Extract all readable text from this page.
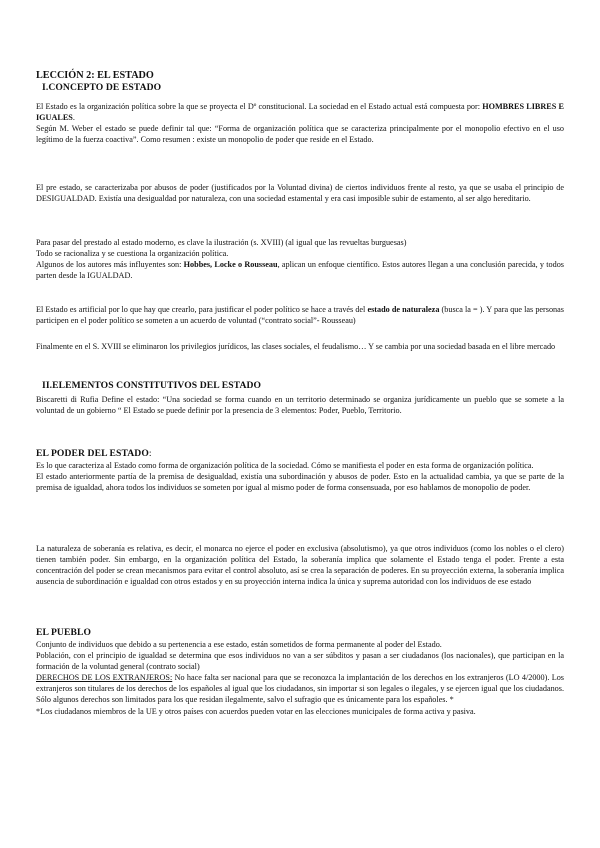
LECCIÓN 2: EL ESTADO
I.CONCEPTO DE ESTADO

El Estado es la organización política sobre la que se proyecta el Dº constitucional. La sociedad en el Estado actual está compuesta por: HOMBRES LIBRES E IGUALES.

Según M. Weber el estado se puede definir tal que: “Forma de organización política que se caracteriza principalmente por el monopolio efectivo en el uso legítimo de la fuerza coactiva”. Como resumen : existe un monopolio de poder que reside en el Estado.

El pre estado, se caracterizaba por abusos de poder (justificados por la Voluntad divina) de ciertos individuos frente al resto, ya que se usaba el principio de DESIGUALDAD. Existía una desigualdad por naturaleza, con una sociedad estamental y era casi imposible subir de estamento, al ser algo hereditario.

Para pasar del prestado al estado moderno, es clave la ilustración (s. XVIII) (al igual que las revueltas burguesas)

Todo se racionaliza y se cuestiona la organización política.

Algunos de los autores más influyentes son: Hobbes, Locke o Rousseau, aplican un enfoque científico. Estos autores llegan a una conclusión parecida, y todos parten desde la IGUALDAD.

El Estado es artificial por lo que hay que crearlo, para justificar el poder político se hace a través del estado de naturaleza (busca la = ). Y para que las personas participen en el poder político se someten a un acuerdo de voluntad (“contrato social”- Rousseau)

Finalmente en el S. XVIII se eliminaron los privilegios jurídicos, las clases sociales, el feudalismo… Y se cambia por una sociedad basada en el libre mercado

II.ELEMENTOS CONSTITUTIVOS DEL ESTADO

Biscaretti di Rufia Define el estado: “Una sociedad se forma cuando en un territorio determinado se organiza jurídicamente un pueblo que se somete a la voluntad de un gobierno “ El Estado se puede definir por la presencia de 3 elementos: Poder, Pueblo, Territorio.

EL PODER DEL ESTADO:

Es lo que caracteriza al Estado como forma de organización política de la sociedad. Cómo se manifiesta el poder en esta forma de organización política.

El estado anteriormente partía de la premisa de desigualdad, existía una subordinación y abusos de poder. Esto en la actualidad cambia, ya que se parte de la premisa de igualdad, ahora todos los individuos se someten por igual al mismo poder de forma consensuada, por eso hablamos de monopolio de poder.

La naturaleza de soberanía es relativa, es decir, el monarca no ejerce el poder en exclusiva (absolutismo), ya que otros individuos (como los nobles o el clero) tienen también poder. Sin embargo, en la organización política del Estado, la soberanía implica que solamente el Estado tenga el poder. Frente a esta concentración del poder se crean mecanismos para evitar el control absoluto, así se crea la separación de poderes. En su proyección externa, la soberanía implica ausencia de subordinación e igualdad con otros estados y en su proyección interna indica la única y suprema autoridad con los individuos de ese estado

EL PUEBLO

Conjunto de individuos que debido a su pertenencia a ese estado, están sometidos de forma permanente al poder del Estado.

Población, con el principio de igualdad se determina que esos individuos no van a ser súbditos y pasan a ser ciudadanos (los nacionales), que participan en la formación de la voluntad general (contrato social)

DERECHOS DE LOS EXTRANJEROS: No hace falta ser nacional para que se reconozca la implantación de los derechos en los extranjeros (LO 4/2000). Los extranjeros son titulares de los derechos de los españoles al igual que los ciudadanos, sin importar si son legales o ilegales, y se ejercen igual que los ciudadanos. Sólo algunos derechos son limitados para los que residan ilegalmente, salvo el sufragio que es únicamente para los españoles. *

*Los ciudadanos miembros de la UE y otros países con acuerdos pueden votar en las elecciones municipales de forma activa y pasiva.
